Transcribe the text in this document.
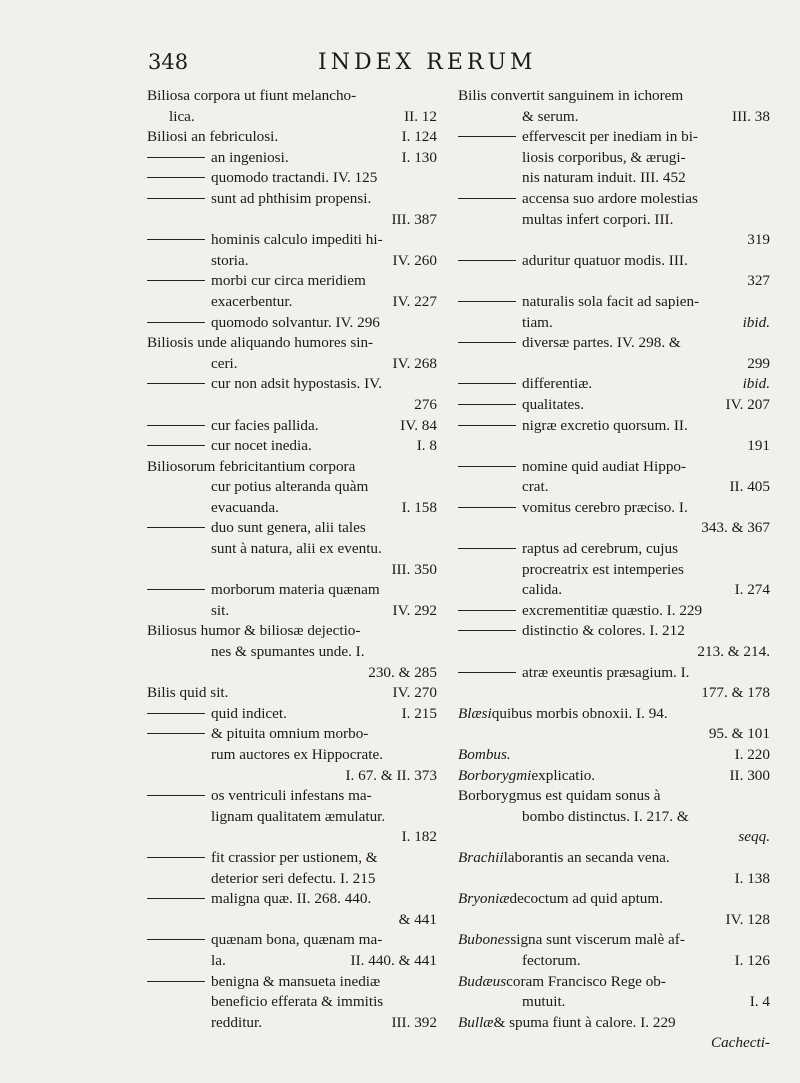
348	INDEX RERUM
Biliosa corpora ut fiunt melancho-
lica.	II. 12
Biliosi an febriculosi.	I. 124
an ingeniosi.	I. 130
quomodo tractandi. IV. 125
sunt ad phthisim propensi.
III. 387
hominis calculo impediti hi-
storia.	IV. 260
morbi cur circa meridiem
exacerbentur.	IV. 227
quomodo solvantur. IV. 296
Biliosis unde aliquando humores sin-
ceri.	IV. 268
cur non adsit hypostasis. IV.
276
cur facies pallida.	IV. 84
cur nocet inedia.	I. 8
Biliosorum febricitantium corpora
cur potius alteranda quàm
evacuanda.	I. 158
duo sunt genera, alii tales
sunt à natura, alii ex eventu.
III. 350
morborum materia quænam
sit.	IV. 292
Biliosus humor & biliosæ dejectio-
nes & spumantes unde. I.
230. & 285
Bilis quid sit.	IV. 270
quid indicet.	I. 215
& pituita omnium morbo-
rum auctores ex Hippocrate.
I. 67. & II. 373
os ventriculi infestans ma-
lignam qualitatem æmulatur.
I. 182
fit crassior per ustionem, &
deterior seri defectu. I. 215
maligna quæ. II. 268. 440.
& 441
quænam bona, quænam ma-
la.	II. 440. & 441
benigna & mansueta inediæ
beneficio efferata & immitis
redditur.	III. 392
Bilis convertit sanguinem in ichorem
& serum.	III. 38
effervescit per inediam in bi-
liosis corporibus, & ærugi-
nis naturam induit. III. 452
accensa suo ardore molestias
multas infert corpori. III.
319
aduritur quatuor modis. III.
327
naturalis sola facit ad sapien-
tiam.	ibid.
diversæ partes. IV. 298. &
299
differentiæ.	ibid.
qualitates.	IV. 207
nigræ excretio quorsum. II.
191
nomine quid audiat Hippo-
crat.	II. 405
vomitus cerebro præciso. I.
343. & 367
raptus ad cerebrum, cujus
procreatrix est intemperies
calida.	I. 274
excrementitiæ quæstio. I. 229
distinctio & colores. I. 212
213. & 214.
atræ exeuntis præsagium. I.
177. & 178
Blæsiquibus morbis obnoxii. I. 94.
95. & 101
Bombus.	I. 220
Borborygmiexplicatio.	II. 300
Borborygmus est quidam sonus à
bombo distinctus. I. 217. &
seqq.
Brachiilaborantis an secanda vena.
I. 138
Bryoniædecoctum ad quid aptum.
IV. 128
Bubonessigna sunt viscerum malè af-
fectorum.	I. 126
Budæuscoram Francisco Rege ob-
mutuit.	I. 4
Bullæ& spuma fiunt à calore. I. 229
Cachecti-
